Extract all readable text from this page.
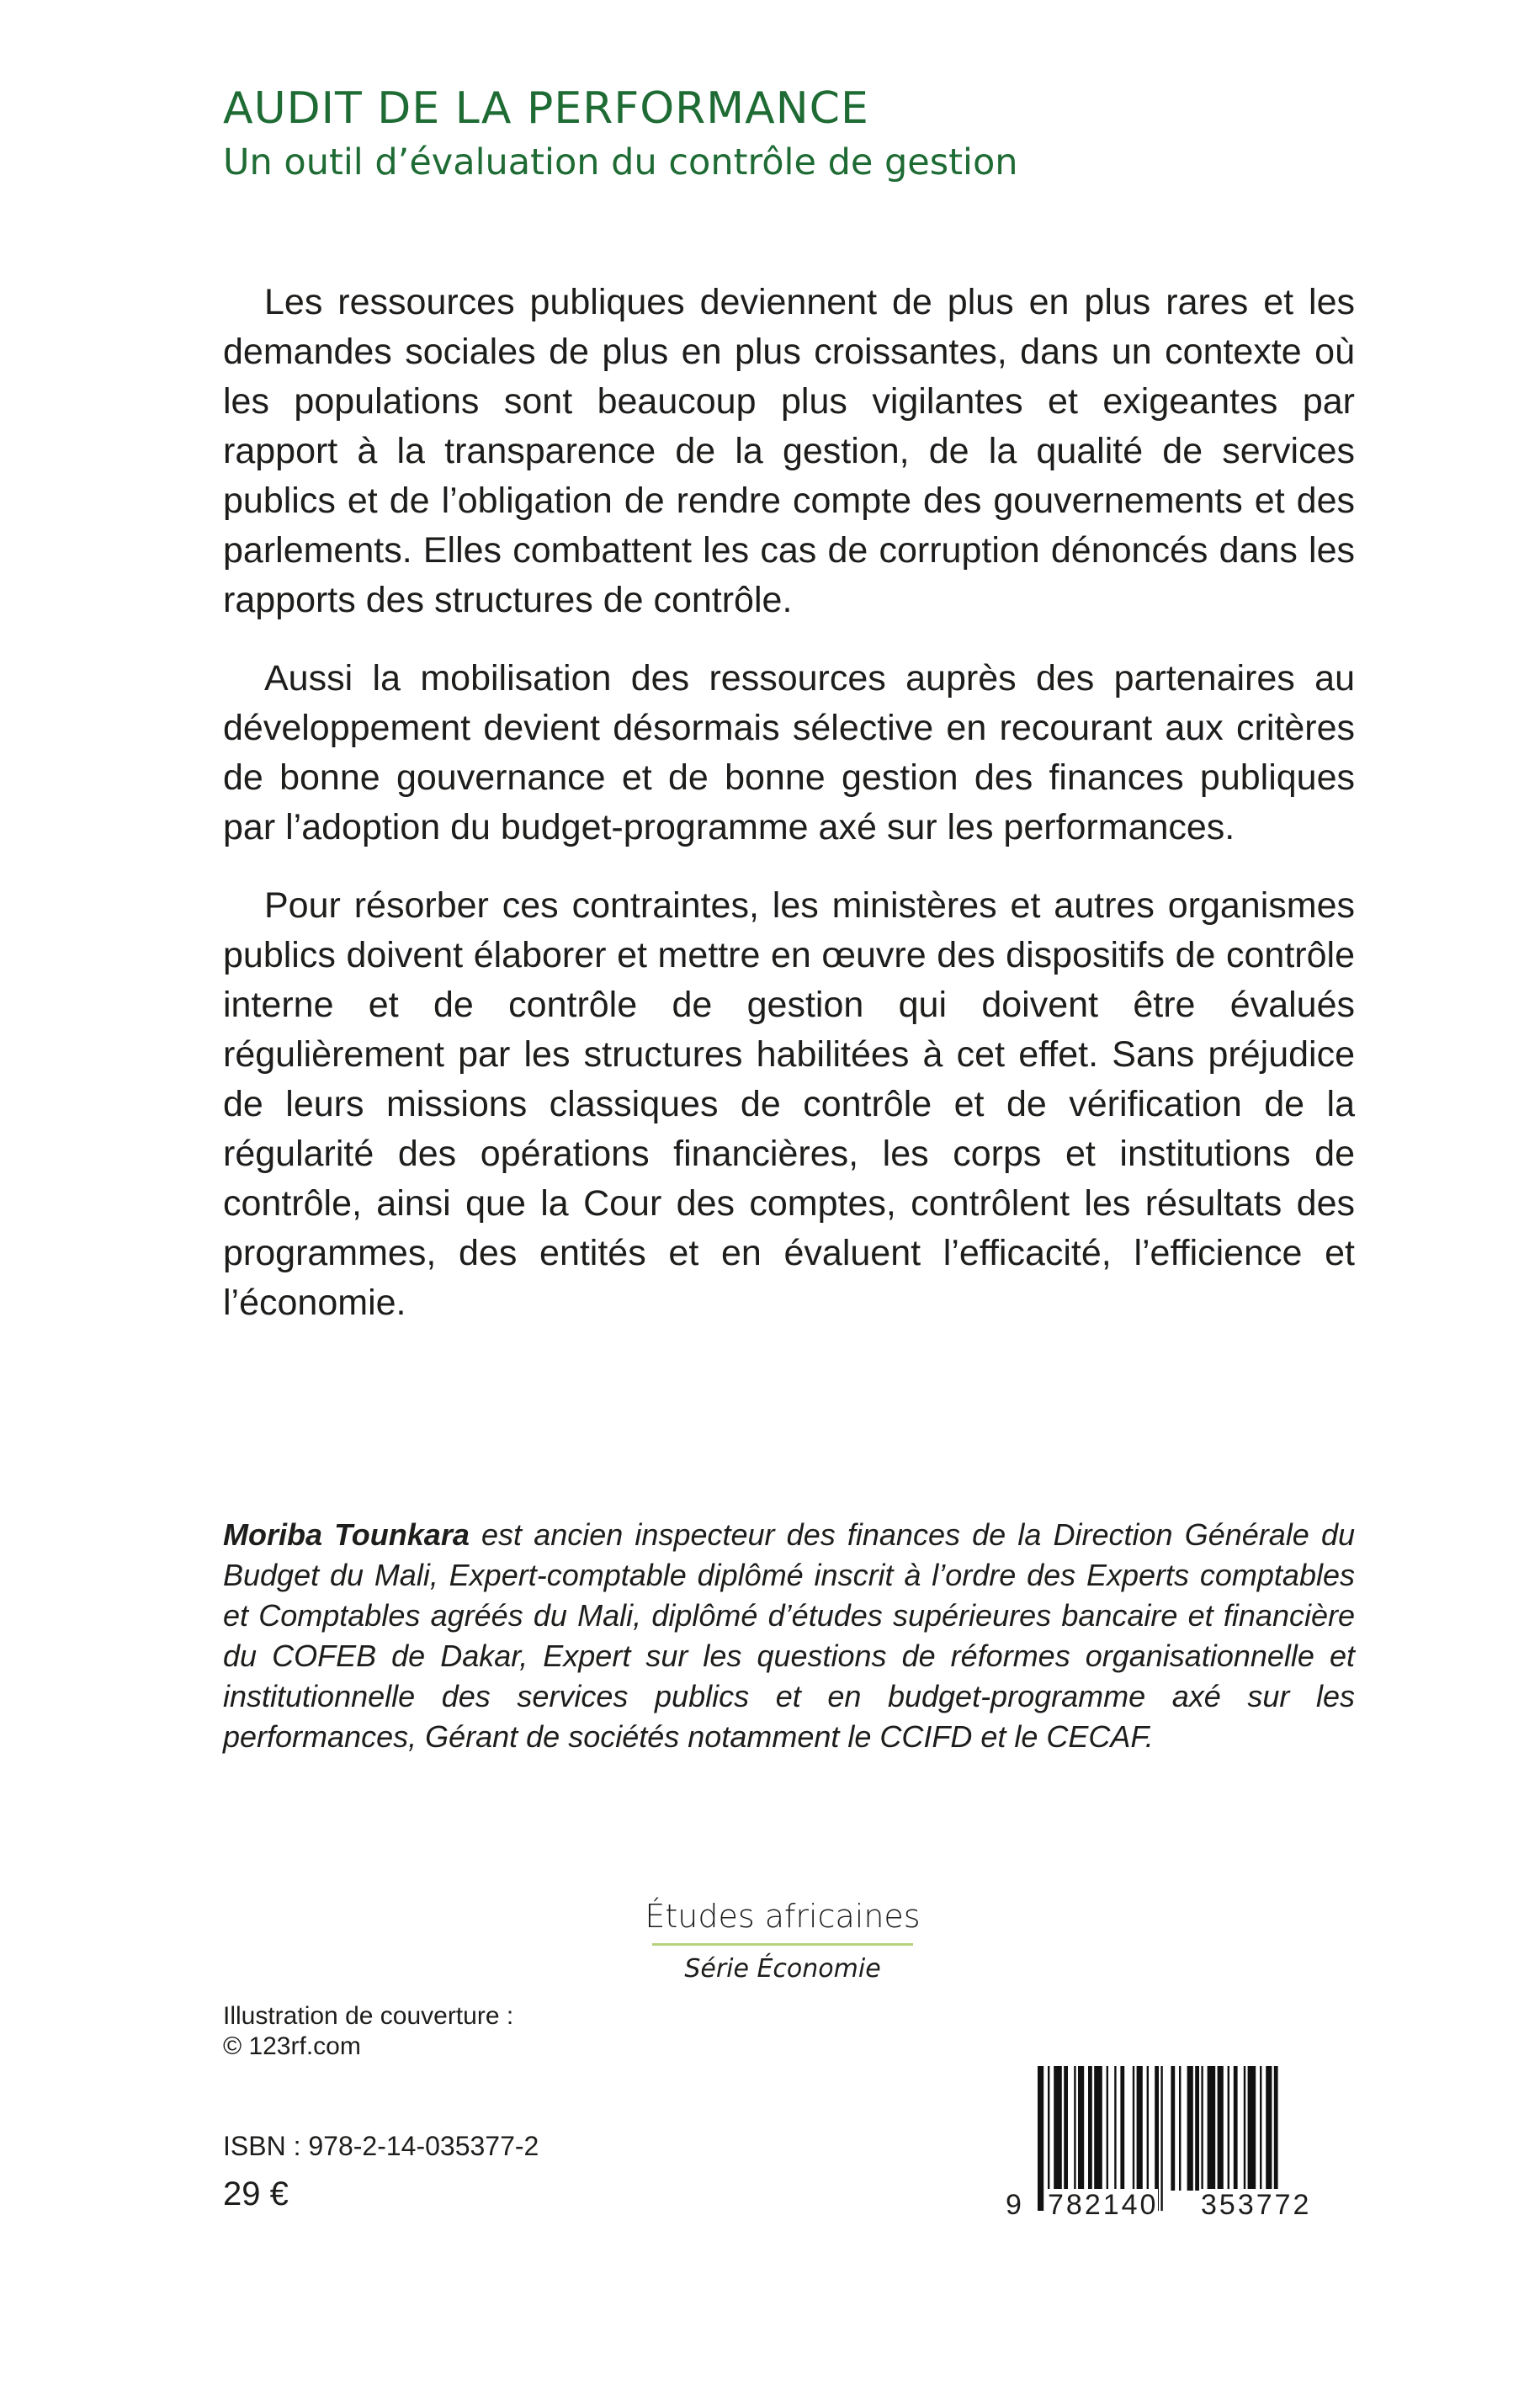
AUDIT DE LA PERFORMANCE

Un outil d’évaluation du contrôle de gestion

Les ressources publiques deviennent de plus en plus rares et les demandes sociales de plus en plus croissantes, dans un contexte où les populations sont beaucoup plus vigilantes et exigeantes par rapport à la transparence de la gestion, de la qualité de services publics et de l’obligation de rendre compte des gouvernements et des parlements. Elles combattent les cas de corruption dénoncés dans les rapports des structures de contrôle.

Aussi la mobilisation des ressources auprès des partenaires au développement devient désormais sélective en recourant aux critères de bonne gouvernance et de bonne gestion des finances publiques par l’adoption du budget-programme axé sur les performances.

Pour résorber ces contraintes, les ministères et autres organismes publics doivent élaborer et mettre en œuvre des dispositifs de contrôle interne et de contrôle de gestion qui doivent être évalués régulièrement par les structures habilitées à cet effet. Sans préjudice de leurs missions classiques de contrôle et de vérification de la régularité des opérations financières, les corps et institutions de contrôle, ainsi que la Cour des comptes, contrôlent les résultats des programmes, des entités et en évaluent l’efficacité, l’efficience et l’économie.

Moriba Tounkara est ancien inspecteur des finances de la Direction Générale du Budget du Mali, Expert-comptable diplômé inscrit à l’ordre des Experts comptables et Comptables agréés du Mali, diplômé d’études supérieures bancaire et financière du COFEB de Dakar, Expert sur les questions de réformes organisationnelle et institutionnelle des services publics et en budget-programme axé sur les performances, Gérant de sociétés notamment le CCIFD et le CECAF.
Études africaines
Série Économie
Illustration de couverture :
© 123rf.com
ISBN : 978-2-14-035377-2
29 €	9 782140 353772
